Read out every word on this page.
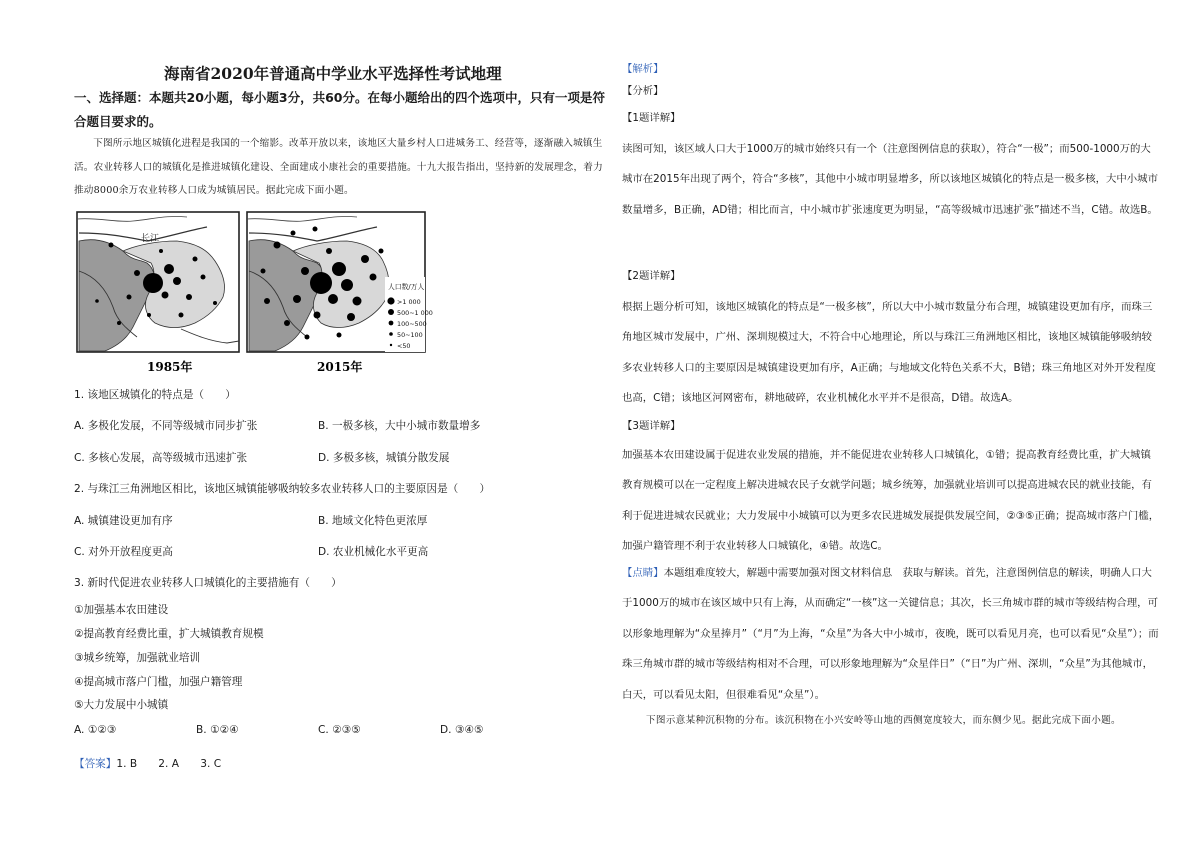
海南省2020年普通高中学业水平选择性考试地理
一、选择题：本题共20小题，每小题3分，共60分。在每小题给出的四个选项中，只有一项是符合题目要求的。
下图所示地区城镇化进程是我国的一个缩影。改革开放以来，该地区大量乡村人口进城务工、经营等，逐渐融入城镇生活。农业转移人口的城镇化是推进城镇化建设、全面建成小康社会的重要措施。十九大报告指出，坚持新的发展理念，着力推动8000余万农业转移人口成为城镇居民。据此完成下面小题。
长江
人口数/万人
>1 000
500~1 000
100~500
50~100
<50
1985年	2015年
1. 该地区城镇化的特点是（　　）
A. 多极化发展，不同等级城市同步扩张	B. 一极多核，大中小城市数量增多
C. 多核心发展，高等级城市迅速扩张	D. 多极多核，城镇分散发展
2. 与珠江三角洲地区相比，该地区城镇能够吸纳较多农业转移人口的主要原因是（　　）
A. 城镇建设更加有序	B. 地域文化特色更浓厚
C. 对外开放程度更高	D. 农业机械化水平更高
3. 新时代促进农业转移人口城镇化的主要措施有（　　）
①加强基本农田建设
②提高教育经费比重，扩大城镇教育规模
③城乡统筹，加强就业培训
④提高城市落户门槛，加强户籍管理
⑤大力发展中小城镇
A. ①②③	B. ①②④	C. ②③⑤	D. ③④⑤
【答案】1. B　　2. A　　3. C
【解析】
【分析】
【1题详解】
读图可知，该区域人口大于1000万的城市始终只有一个（注意图例信息的获取），符合“一极”；而500-1000万的大城市在2015年出现了两个，符合“多核”，其他中小城市明显增多，所以该地区城镇化的特点是一极多核，大中小城市数量增多，B正确，AD错；相比而言，中小城市扩张速度更为明显，“高等级城市迅速扩张”描述不当，C错。故选B。
【2题详解】
根据上题分析可知，该地区城镇化的特点是“一极多核”，所以大中小城市数量分布合理，城镇建设更加有序，而珠三角地区城市发展中，广州、深圳规模过大，不符合中心地理论，所以与珠江三角洲地区相比，该地区城镇能够吸纳较多农业转移人口的主要原因是城镇建设更加有序，A正确；与地域文化特色关系不大，B错；珠三角地区对外开发程度也高，C错；该地区河网密布，耕地破碎，农业机械化水平并不是很高，D错。故选A。
【3题详解】
加强基本农田建设属于促进农业发展的措施，并不能促进农业转移人口城镇化，①错；提高教育经费比重，扩大城镇教育规模可以在一定程度上解决进城农民子女就学问题；城乡统筹，加强就业培训可以提高进城农民的就业技能，有利于促进进城农民就业；大力发展中小城镇可以为更多农民进城发展提供发展空间，②③⑤正确；提高城市落户门槛，加强户籍管理不利于农业转移人口城镇化，④错。故选C。
【点睛】本题组难度较大，解题中需要加强对图文材料信息　获取与解读。首先，注意图例信息的解读，明确人口大于1000万的城市在该区域中只有上海，从而确定“一核”这一关键信息；其次，长三角城市群的城市等级结构合理，可以形象地理解为“众星捧月”（“月”为上海，“众星”为各大中小城市，夜晚，既可以看见月亮，也可以看见“众星”）；而珠三角城市群的城市等级结构相对不合理，可以形象地理解为“众星伴日”（“日”为广州、深圳，“众星”为其他城市，白天，可以看见太阳，但很难看见“众星”）。
下图示意某种沉积物的分布。该沉积物在小兴安岭等山地的西侧宽度较大，而东侧少见。据此完成下面小题。
